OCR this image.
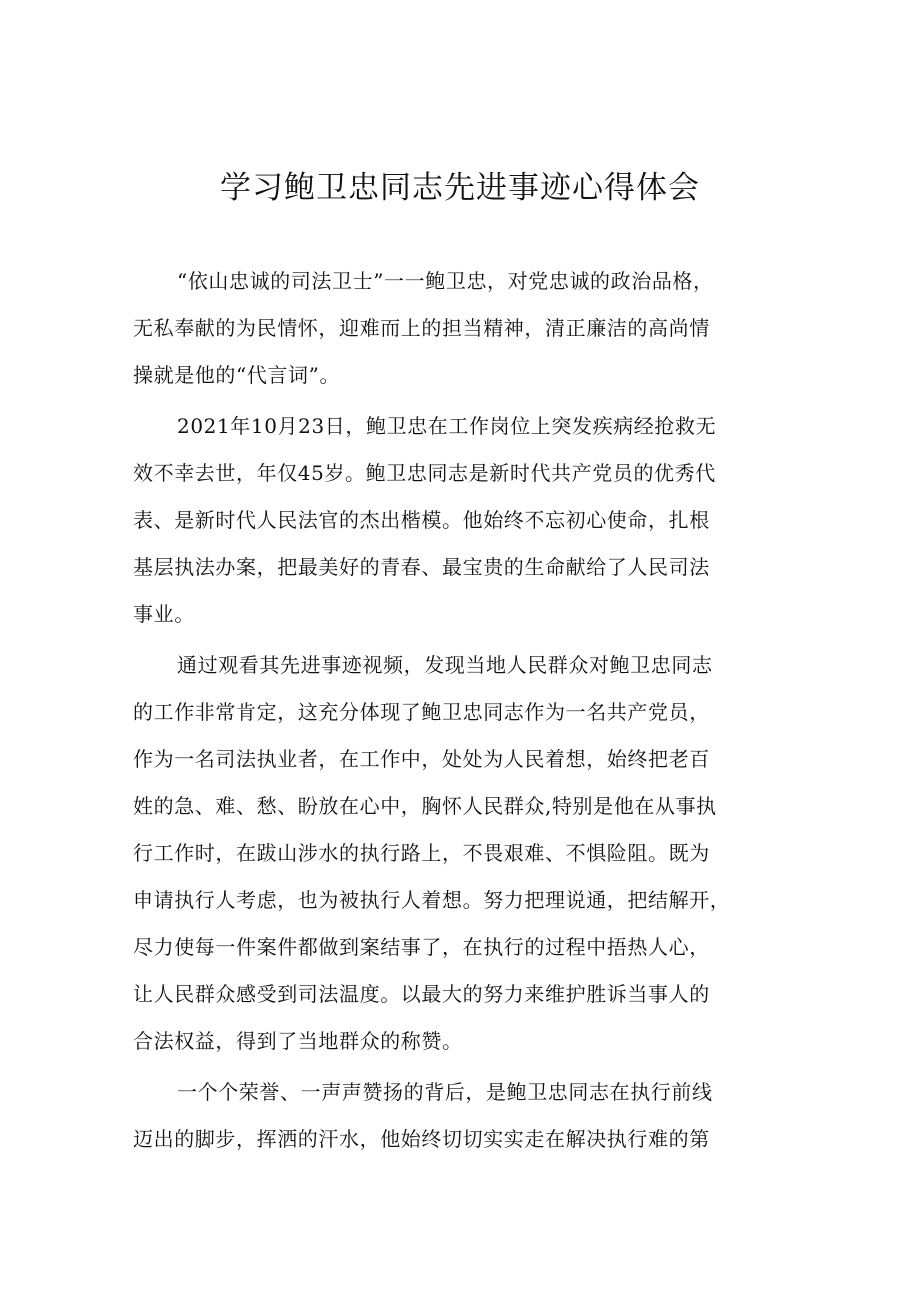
学习鲍卫忠同志先进事迹心得体会
“依山忠诚的司法卫士”一一鲍卫忠，对党忠诚的政治品格，
无私奉献的为民情怀，迎难而上的担当精神，清正廉洁的高尚情
操就是他的“代言词”。
2021年10月23日，鲍卫忠在工作岗位上突发疾病经抢救无
效不幸去世，年仅45岁。鲍卫忠同志是新时代共产党员的优秀代
表、是新时代人民法官的杰出楷模。他始终不忘初心使命，扎根
基层执法办案，把最美好的青春、最宝贵的生命献给了人民司法
事业。
通过观看其先进事迹视频，发现当地人民群众对鲍卫忠同志
的工作非常肯定，这充分体现了鲍卫忠同志作为一名共产党员，
作为一名司法执业者，在工作中，处处为人民着想，始终把老百
姓的急、难、愁、盼放在心中，胸怀人民群众,特别是他在从事执
行工作时，在跋山涉水的执行路上，不畏艰难、不惧险阻。既为
申请执行人考虑，也为被执行人着想。努力把理说通，把结解开，
尽力使每一件案件都做到案结事了，在执行的过程中捂热人心，
让人民群众感受到司法温度。以最大的努力来维护胜诉当事人的
合法权益，得到了当地群众的称赞。
一个个荣誉、一声声赞扬的背后，是鲍卫忠同志在执行前线
迈出的脚步，挥洒的汗水，他始终切切实实走在解决执行难的第
